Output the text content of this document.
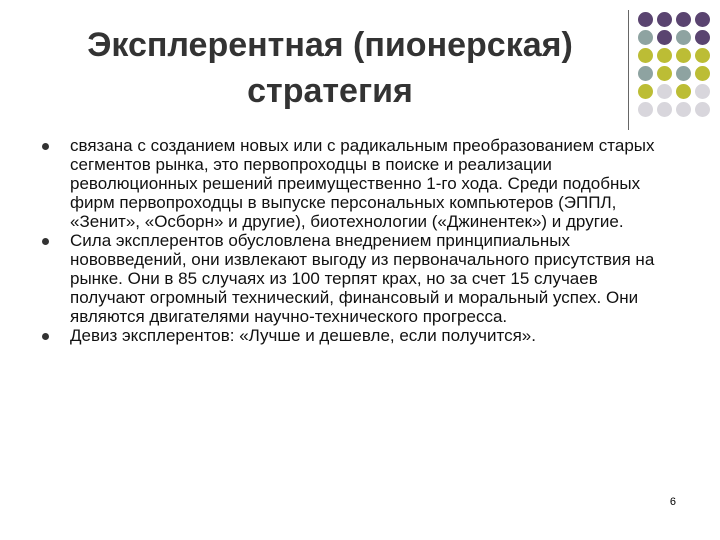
Эксплерентная (пионерская)
стратегия
связана с созданием новых или с радикальным преобразованием старых сегментов рынка, это первопроходцы в поиске и реализации революционных решений преимущественно 1-го хода. Среди подобных фирм первопроходцы в выпуске персональных компьютеров (ЭППЛ, «Зенит», «Осборн» и другие), биотехнологии («Джинентек») и другие.
Сила эксплерентов обусловлена внедрением принципиальных нововведений, они извлекают выгоду из первоначального присутствия на рынке. Они в 85 случаях из 100 терпят крах, но за счет 15 случаев получают огромный технический, финансовый и моральный успех. Они являются двигателями научно-технического прогресса.
Девиз эксплерентов: «Лучше и дешевле, если получится».
6
